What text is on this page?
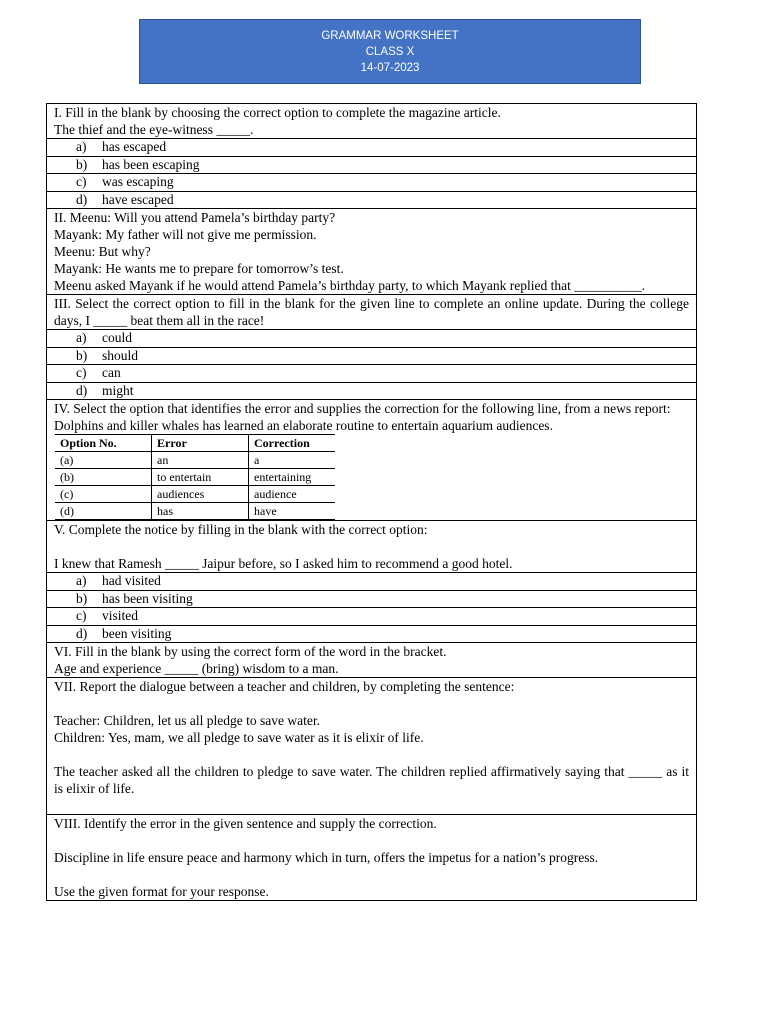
GRAMMAR WORKSHEET
CLASS X
14-07-2023
I. Fill in the blank by choosing the correct option to complete the magazine article.
The thief and the eye-witness _____.
a) has escaped
b) has been escaping
c) was escaping
d) have escaped
II. Meenu: Will you attend Pamela’s birthday party?
Mayank: My father will not give me permission.
Meenu: But why?
Mayank: He wants me to prepare for tomorrow’s test.
Meenu asked Mayank if he would attend Pamela’s birthday party, to which Mayank replied that __________.
III. Select the correct option to fill in the blank for the given line to complete an online update. During the college days, I _____ beat them all in the race!
a) could
b) should
c) can
d) might
IV. Select the option that identifies the error and supplies the correction for the following line, from a news report:
Dolphins and killer whales has learned an elaborate routine to entertain aquarium audiences.
Option No.	Error	Correction
(a)	an	a
(b)	to entertain	entertaining
(c)	audiences	audience
(d)	has	have
V. Complete the notice by filling in the blank with the correct option:
I knew that Ramesh _____ Jaipur before, so I asked him to recommend a good hotel.
a) had visited
b) has been visiting
c) visited
d) been visiting
VI. Fill in the blank by using the correct form of the word in the bracket.
Age and experience _____ (bring) wisdom to a man.
VII. Report the dialogue between a teacher and children, by completing the sentence:
Teacher: Children, let us all pledge to save water.
Children: Yes, mam, we all pledge to save water as it is elixir of life.
The teacher asked all the children to pledge to save water. The children replied affirmatively saying that _____ as it is elixir of life.
VIII. Identify the error in the given sentence and supply the correction.
Discipline in life ensure peace and harmony which in turn, offers the impetus for a nation’s progress.
Use the given format for your response.
